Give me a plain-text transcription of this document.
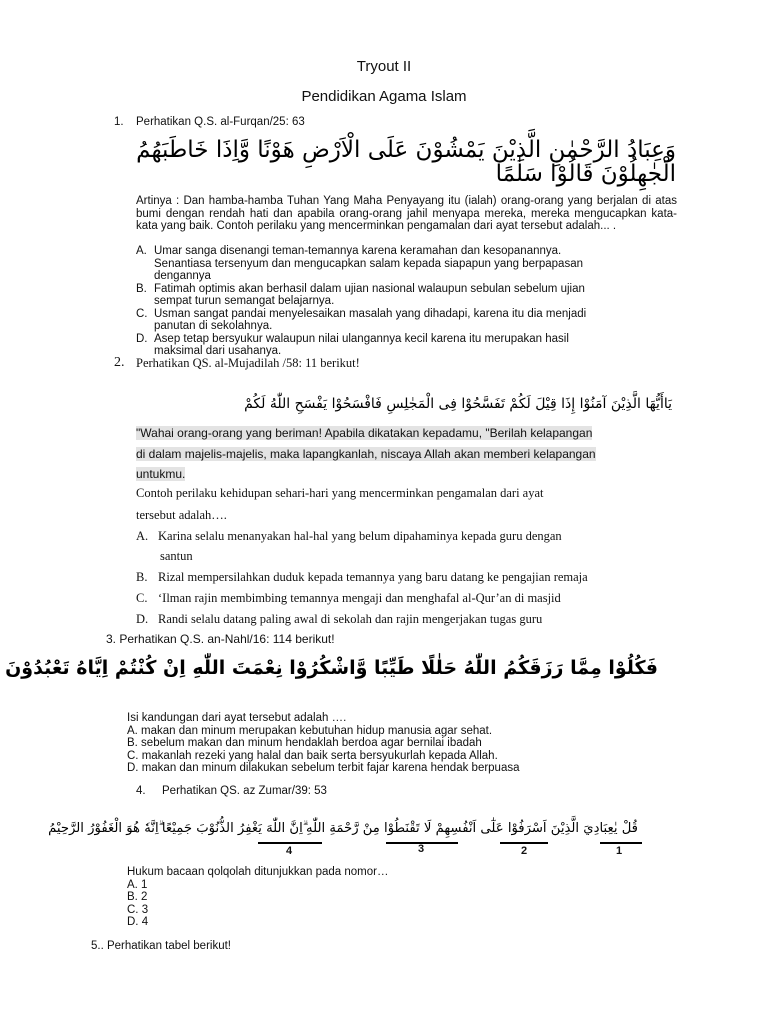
Tryout II
Pendidikan Agama Islam
1. Perhatikan Q.S. al-Furqan/25: 63
وَعِبَادُ الرَّحْمٰنِ الَّذِيْنَ يَمْشُوْنَ عَلَى الْاَرْضِ هَوْنًا وَّاِذَا خَاطَبَهُمُ
الْجٰهِلُوْنَ قَالُوْا سَلٰمًا
Artinya : Dan hamba-hamba Tuhan Yang Maha Penyayang itu (ialah) orang-orang yang berjalan di atas bumi dengan rendah hati dan apabila orang-orang jahil menyapa mereka, mereka mengucapkan kata-kata yang baik. Contoh perilaku yang mencerminkan pengamalan dari ayat tersebut adalah... .
A. Umar sanga disenangi teman-temannya karena keramahan dan kesopanannya.
Senantiasa tersenyum dan mengucapkan salam kepada siapapun yang berpapasan
dengannya
B. Fatimah optimis akan berhasil dalam ujian nasional walaupun sebulan sebelum ujian
sempat turun semangat belajarnya.
C. Usman sangat pandai menyelesaikan masalah yang dihadapi, karena itu dia menjadi
panutan di sekolahnya.
D. Asep tetap bersyukur walaupun nilai ulangannya kecil karena itu merupakan hasil
maksimal dari usahanya.
2. Perhatikan QS. al-Mujadilah /58: 11 berikut!
يَاأَيُّهَا الَّذِيْنَ آمَنُوْا إِذَا قِيْلَ لَكُمْ تَفَسَّحُوْا فِى الْمَجٰلِسِ فَافْسَحُوْا يَفْسَحِ اللّٰهُ لَكُمْ
"Wahai orang-orang yang beriman! Apabila dikatakan kepadamu, "Berilah kelapangan
di dalam majelis-majelis, maka lapangkanlah, niscaya Allah akan memberi kelapangan
untukmu.
Contoh perilaku kehidupan sehari-hari yang mencerminkan pengamalan dari ayat
tersebut adalah….
A. Karina selalu menanyakan hal-hal yang belum dipahaminya kepada guru dengan
santun
B. Rizal mempersilahkan duduk kepada temannya yang baru datang ke pengajian remaja
C. ‘Ilman rajin membimbing temannya mengaji dan menghafal al-Qur’an di masjid
D. Randi selalu datang paling awal di sekolah dan rajin mengerjakan tugas guru
3. Perhatikan Q.S. an-Nahl/16: 114 berikut!
فَكُلُوْا مِمَّا رَزَقَكُمُ اللّٰهُ حَلٰلًا طَيِّبًا وَّاشْكُرُوْا نِعْمَتَ اللّٰهِ اِنْ كُنْتُمْ اِيَّاهُ تَعْبُدُوْنَ
Isi kandungan dari ayat tersebut adalah ….
A. makan dan minum merupakan kebutuhan hidup manusia agar sehat.
B. sebelum makan dan minum hendaklah berdoa agar bernilai ibadah
C. makanlah rezeki yang halal dan baik serta bersyukurlah kepada Allah.
D. makan dan minum dilakukan sebelum terbit fajar karena hendak berpuasa
4. Perhatikan QS. az Zumar/39: 53
قُلْ يٰعِبَادِيَ الَّذِيْنَ اَسْرَفُوْا عَلٰٓى اَنْفُسِهِمْ لَا تَقْنَطُوْا مِنْ رَّحْمَةِ اللّٰهِ ۗاِنَّ اللّٰهَ يَغْفِرُ الذُّنُوْبَ جَمِيْعًا ۗاِنَّهٗ هُوَ الْغَفُوْرُ الرَّحِيْمُ
4	3	2	1
Hukum bacaan qolqolah ditunjukkan pada nomor…
A. 1
B. 2
C. 3
D. 4
5.. Perhatikan tabel berikut!
